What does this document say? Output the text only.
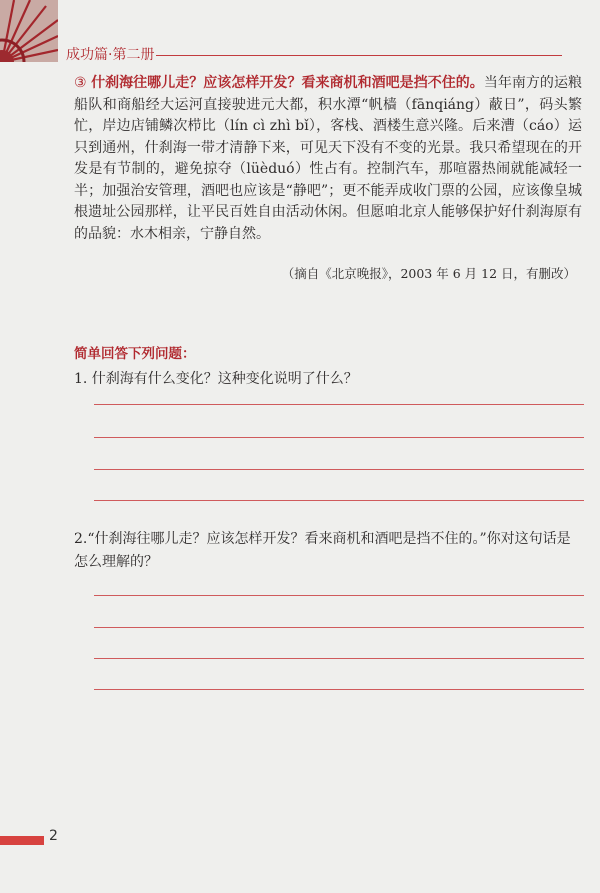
成功篇·第二册

③ 什刹海往哪儿走？应该怎样开发？看来商机和酒吧是挡不住的。当年南方的运粮船队和商船经大运河直接驶进元大都，积水潭“帆樯（fānqiáng）蔽日”，码头繁忙，岸边店铺鳞次栉比（lín cì zhì bǐ），客栈、酒楼生意兴隆。后来漕（cáo）运只到通州，什刹海一带才清静下来，可见天下没有不变的光景。我只希望现在的开发是有节制的，避免掠夺（lüèduó）性占有。控制汽车，那喧嚣热闹就能减轻一半；加强治安管理，酒吧也应该是“静吧”；更不能弄成收门票的公园，应该像皇城根遗址公园那样，让平民百姓自由活动休闲。但愿咱北京人能够保护好什刹海原有的品貌：水木相亲，宁静自然。

（摘自《北京晚报》，2003 年 6 月 12 日，有删改）
简单回答下列问题：
1. 什刹海有什么变化？这种变化说明了什么？
2.“什刹海往哪儿走？应该怎样开发？看来商机和酒吧是挡不住的。”你对这句话是怎么理解的？
2
